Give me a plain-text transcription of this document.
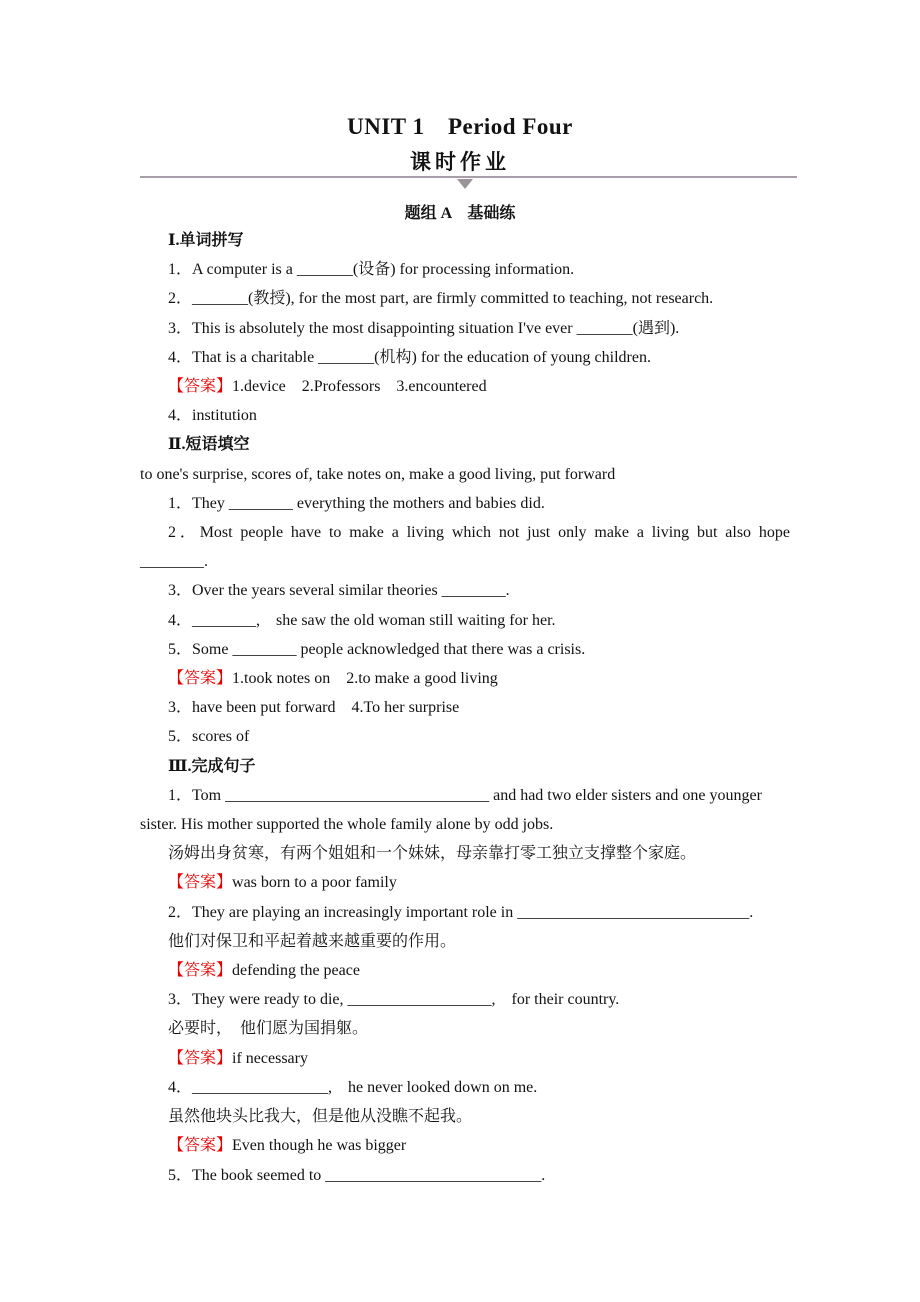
UNIT 1　Period Four
课时作业
题组 A　基础练
Ⅰ.单词拼写
1．A computer is a _______(设备) for processing information.
2．_______(教授), for the most part, are firmly committed to teaching, not research.
3．This is absolutely the most disappointing situation I've ever _______(遇到).
4．That is a charitable _______(机构) for the education of young children.
【答案】1.device　2.Professors　3.encountered
4．institution
Ⅱ.短语填空
to one's surprise, scores of, take notes on, make a good living, put forward
1．They ________ everything the mothers and babies did.
2．Most people have to make a living which not just only make a living but also hope
________.
3．Over the years several similar theories ________.
4．________,　she saw the old woman still waiting for her.
5．Some ________ people acknowledged that there was a crisis.
【答案】1.took notes on　2.to make a good living
3．have been put forward　4.To her surprise
5．scores of
Ⅲ.完成句子
1．Tom _________________________________ and had two elder sisters and one younger
sister. His mother supported the whole family alone by odd jobs.
汤姆出身贫寒，有两个姐姐和一个妹妹，母亲靠打零工独立支撑整个家庭。
【答案】was born to a poor family
2．They are playing an increasingly important role in _____________________________.
他们对保卫和平起着越来越重要的作用。
【答案】defending the peace
3．They were ready to die, __________________,　for their country.
必要时，　他们愿为国捐躯。
【答案】if necessary
4．_________________,　he never looked down on me.
虽然他块头比我大，但是他从没瞧不起我。
【答案】Even though he was bigger
5．The book seemed to ___________________________.
